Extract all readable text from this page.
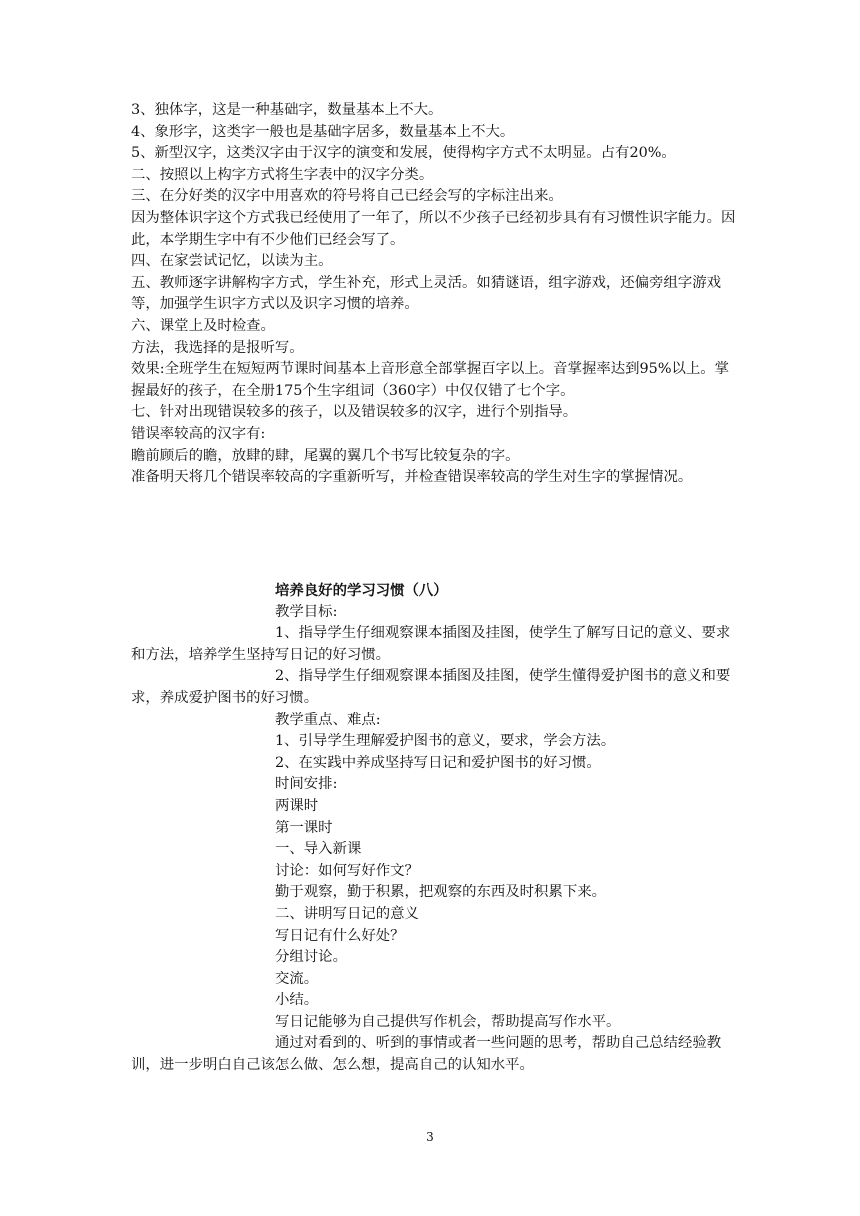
3、独体字，这是一种基础字，数量基本上不大。

4、象形字，这类字一般也是基础字居多，数量基本上不大。

5、新型汉字，这类汉字由于汉字的演变和发展，使得构字方式不太明显。占有20%。

二、按照以上构字方式将生字表中的汉字分类。

三、在分好类的汉字中用喜欢的符号将自己已经会写的字标注出来。

因为整体识字这个方式我已经使用了一年了，所以不少孩子已经初步具有有习惯性识字能力。因此，本学期生字中有不少他们已经会写了。

四、在家尝试记忆，以读为主。

五、教师逐字讲解构字方式，学生补充，形式上灵活。如猜谜语，组字游戏，还偏旁组字游戏等，加强学生识字方式以及识字习惯的培养。

六、课堂上及时检查。

方法，我选择的是报听写。

效果:全班学生在短短两节课时间基本上音形意全部掌握百字以上。音掌握率达到95%以上。掌握最好的孩子，在全册175个生字组词（360字）中仅仅错了七个字。

七、针对出现错误较多的孩子，以及错误较多的汉字，进行个别指导。

错误率较高的汉字有:

瞻前顾后的瞻，放肆的肆，尾翼的翼几个书写比较复杂的字。

准备明天将几个错误率较高的字重新听写，并检查错误率较高的学生对生字的掌握情况。

培养良好的学习习惯（八）

教学目标:

1、指导学生仔细观察课本插图及挂图，使学生了解写日记的意义、要求和方法，培养学生坚持写日记的好习惯。

2、指导学生仔细观察课本插图及挂图，使学生懂得爱护图书的意义和要求，养成爱护图书的好习惯。

教学重点、难点:

1、引导学生理解爱护图书的意义，要求，学会方法。

2、在实践中养成坚持写日记和爱护图书的好习惯。

时间安排:

两课时

第一课时

一、导入新课

讨论：如何写好作文？

勤于观察，勤于积累，把观察的东西及时积累下来。

二、讲明写日记的意义

写日记有什么好处？

分组讨论。

交流。

小结。

写日记能够为自己提供写作机会，帮助提高写作水平。

通过对看到的、听到的事情或者一些问题的思考，帮助自己总结经验教训，进一步明白自己该怎么做、怎么想，提高自己的认知水平。

3
